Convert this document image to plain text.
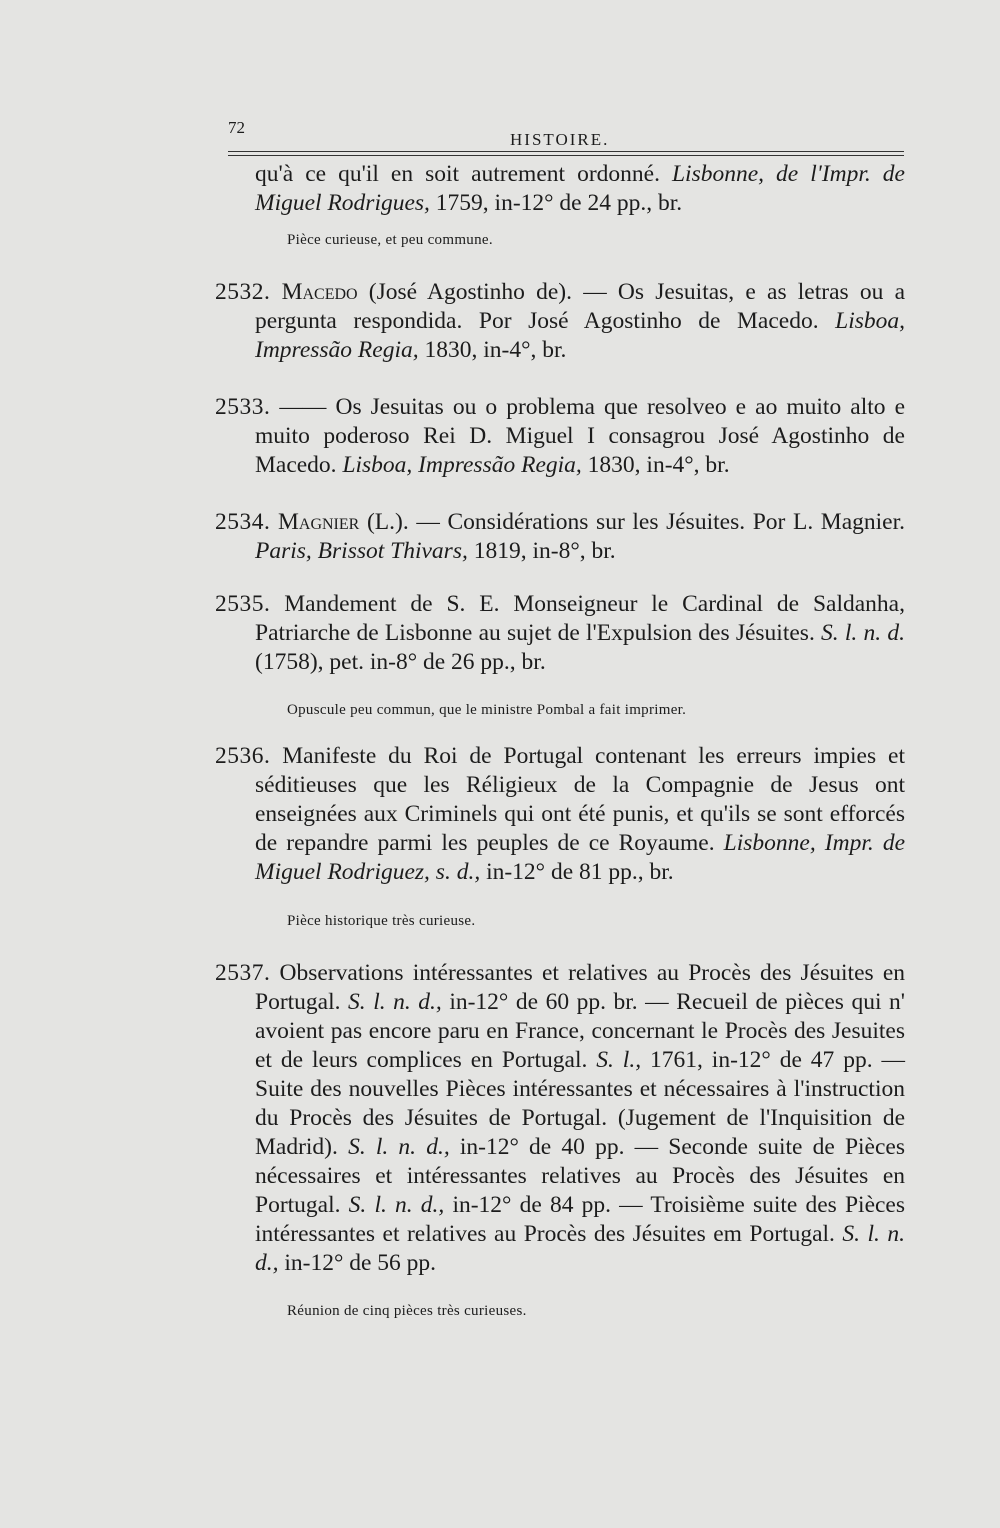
72
HISTOIRE.

qu'à ce qu'il en soit autrement ordonné. Lisbonne, de l'Impr. de Miguel Rodrigues, 1759, in-12° de 24 pp., br.

Pièce curieuse, et peu commune.

2532. Macedo (José Agostinho de). — Os Jesuitas, e as letras ou a pergunta respondida. Por José Agostinho de Macedo. Lisboa, Impressão Regia, 1830, in-4°, br.

2533. —— Os Jesuitas ou o problema que resolveo e ao muito alto e muito poderoso Rei D. Miguel I consagrou José Agostinho de Macedo. Lisboa, Impressão Regia, 1830, in-4°, br.

2534. Magnier (L.). — Considérations sur les Jésuites. Por L. Magnier. Paris, Brissot Thivars, 1819, in-8°, br.

2535. Mandement de S. E. Monseigneur le Cardinal de Saldanha, Patriarche de Lisbonne au sujet de l'Expulsion des Jésuites. S. l. n. d. (1758), pet. in-8° de 26 pp., br.

Opuscule peu commun, que le ministre Pombal a fait imprimer.

2536. Manifeste du Roi de Portugal contenant les erreurs impies et séditieuses que les Réligieux de la Compagnie de Jesus ont enseignées aux Criminels qui ont été punis, et qu'ils se sont efforcés de repandre parmi les peuples de ce Royaume. Lisbonne, Impr. de Miguel Rodriguez, s. d., in-12° de 81 pp., br.

Pièce historique très curieuse.

2537. Observations intéressantes et relatives au Procès des Jésuites en Portugal. S. l. n. d., in-12° de 60 pp. br. — Recueil de pièces qui n' avoient pas encore paru en France, concernant le Procès des Jesuites et de leurs complices en Portugal. S. l., 1761, in-12° de 47 pp. — Suite des nouvelles Pièces intéressantes et nécessaires à l'instruction du Procès des Jésuites de Portugal. (Jugement de l'Inquisition de Madrid). S. l. n. d., in-12° de 40 pp. — Seconde suite de Pièces nécessaires et intéressantes relatives au Procès des Jésuites en Portugal. S. l. n. d., in-12° de 84 pp. — Troisième suite des Pièces intéressantes et relatives au Procès des Jésuites em Portugal. S. l. n. d., in-12° de 56 pp.

Réunion de cinq pièces très curieuses.
